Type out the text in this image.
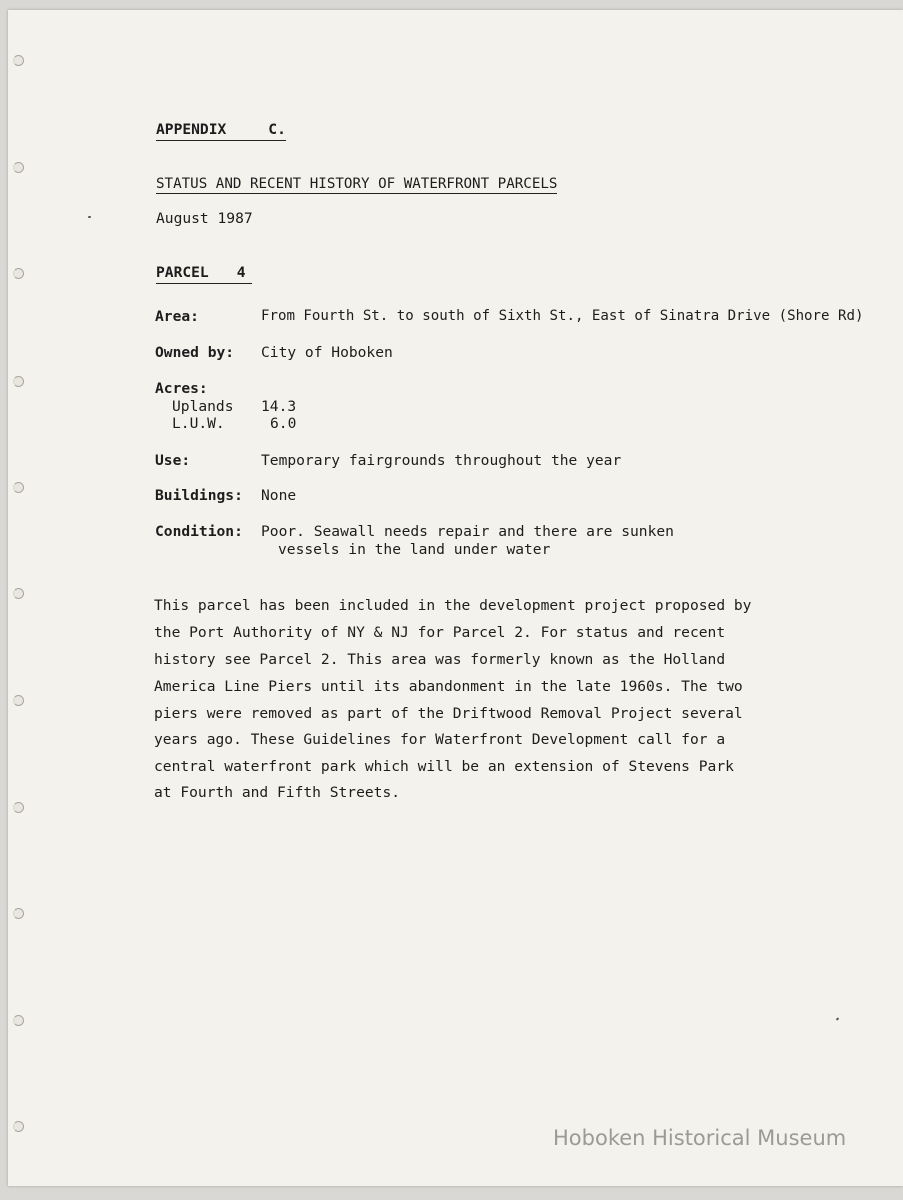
APPENDIX	C.
STATUS AND RECENT HISTORY OF WATERFRONT PARCELS
August 1987
PARCEL 4
Area:	From Fourth St. to south of Sixth St., East of Sinatra Drive (Shore Rd)
Owned by: City of Hoboken
Acres:
Uplands 14.3
L.U.W.	6.0
Use:	Temporary fairgrounds throughout the year
Buildings: None
Condition: Poor. Seawall needs repair and there are sunken
vessels in the land under water
This parcel has been included in the development project proposed by
the Port Authority of NY & NJ for Parcel 2. For status and recent
history see Parcel 2. This area was formerly known as the Holland
America Line Piers until its abandonment in the late 1960s. The two
piers were removed as part of the Driftwood Removal Project several
years ago. These Guidelines for Waterfront Development call for a
central waterfront park which will be an extension of Stevens Park
at Fourth and Fifth Streets.
Hoboken Historical Museum
